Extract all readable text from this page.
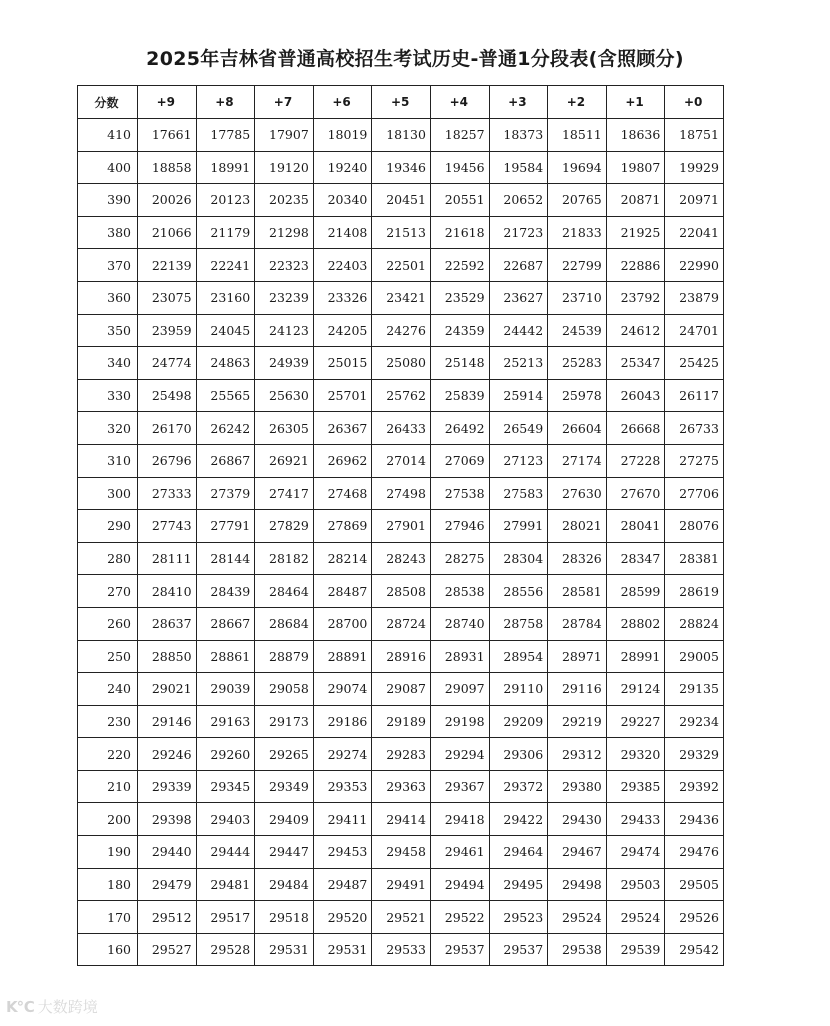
2025年吉林省普通高校招生考试历史-普通1分段表(含照顾分)
分数	+9	+8	+7	+6	+5	+4	+3	+2	+1	+0
410	17661	17785	17907	18019	18130	18257	18373	18511	18636	18751
400	18858	18991	19120	19240	19346	19456	19584	19694	19807	19929
390	20026	20123	20235	20340	20451	20551	20652	20765	20871	20971
380	21066	21179	21298	21408	21513	21618	21723	21833	21925	22041
370	22139	22241	22323	22403	22501	22592	22687	22799	22886	22990
360	23075	23160	23239	23326	23421	23529	23627	23710	23792	23879
350	23959	24045	24123	24205	24276	24359	24442	24539	24612	24701
340	24774	24863	24939	25015	25080	25148	25213	25283	25347	25425
330	25498	25565	25630	25701	25762	25839	25914	25978	26043	26117
320	26170	26242	26305	26367	26433	26492	26549	26604	26668	26733
310	26796	26867	26921	26962	27014	27069	27123	27174	27228	27275
300	27333	27379	27417	27468	27498	27538	27583	27630	27670	27706
290	27743	27791	27829	27869	27901	27946	27991	28021	28041	28076
280	28111	28144	28182	28214	28243	28275	28304	28326	28347	28381
270	28410	28439	28464	28487	28508	28538	28556	28581	28599	28619
260	28637	28667	28684	28700	28724	28740	28758	28784	28802	28824
250	28850	28861	28879	28891	28916	28931	28954	28971	28991	29005
240	29021	29039	29058	29074	29087	29097	29110	29116	29124	29135
230	29146	29163	29173	29186	29189	29198	29209	29219	29227	29234
220	29246	29260	29265	29274	29283	29294	29306	29312	29320	29329
210	29339	29345	29349	29353	29363	29367	29372	29380	29385	29392
200	29398	29403	29409	29411	29414	29418	29422	29430	29433	29436
190	29440	29444	29447	29453	29458	29461	29464	29467	29474	29476
180	29479	29481	29484	29487	29491	29494	29495	29498	29503	29505
170	29512	29517	29518	29520	29521	29522	29523	29524	29524	29526
160	29527	29528	29531	29531	29533	29537	29537	29538	29539	29542
K℃ 大数跨境
